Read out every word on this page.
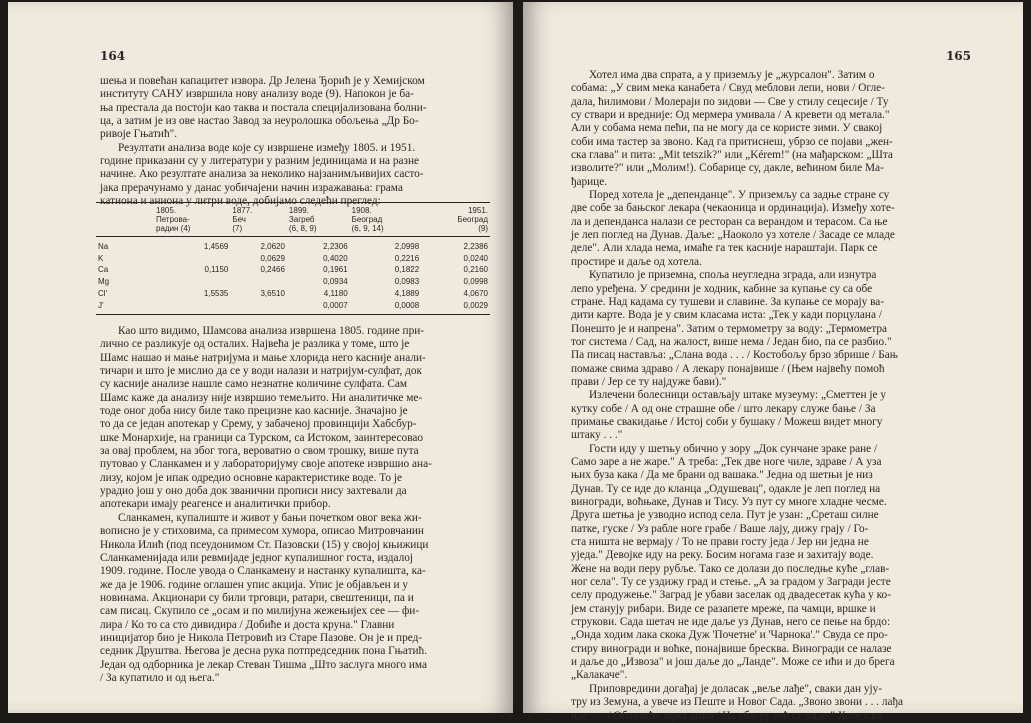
164

шења и повећан капацитет извора. Др Јелена Ђорић је у Хемијском
институту САНУ извршила нову анализу воде (9). Напокон је ба-
ња престала да постоји као таква и постала специјализована болни-
ца, а затим је из ове настао Завод за неуролошка обољења „Др Бо-
ривоје Гњатић".

Резултати анализа воде које су извршене између 1805. и 1951.
године приказани су у литератури у разним јединицама и на разне
начине. Ако резултате анализа за неколико најзанимљивијих састо-
јака прерачунамо у данас уобичајени начин изражавања: грама
катиона и аниона у литри воде, добијамо следећи преглед:

	1805.
Петрова-
радин (4)	1877.
Беч
(7)	1899.
Загреб
(6, 8, 9)	1908.
Београд
(6, 9, 14)	1951.
Београд
(9)
Na	1,4569	2,0620	2,2306	2,0998	2,2386
K		0,0629	0,4020	0,2216	0,0240
Ca	0,1150	0,2466	0,1961	0,1822	0,2160
Mg			0,0934	0,0983	0,0998
Cl'	1,5535	3,6510	4,1180	4,1889	4,0670
J'			0,0007	0,0008	0,0029

Као што видимо, Шамсова анализа извршена 1805. године при-
лично се разликује од осталих. Највећа је разлика у томе, што је
Шамс нашао и мање натријума и мање хлорида него касније анали-
тичари и што је мислио да се у води налази и натријум-сулфат, док
су касније анализе нашле само незнатне количине сулфата. Сам
Шамс каже да анализу није извршио темељито. Ни аналитичке ме-
тоде оног доба нису биле тако прецизне као касније. Значајно је
то да се један апотекар у Срему, у забаченој провинцији Хабсбур-
шке Монархије, на граници са Турском, са Истоком, заинтересовао
за овај проблем, на због тога, вероватно о свом трошку, више пута
путовао у Сланкамен и у лабораторијуму своје апотеке извршио ана-
лизу, којом је ипак одредио основне карактеристике воде. То је
урадио још у оно доба док званични прописи нису захтевали да
апотекари имају реагенсе и аналитички прибор.

Сланкамен, купалиште и живот у бањи почетком овог века жи-
вописно је у стиховима, са примесом хумора, описао Митровчанин
Никола Илић (под псеудонимом Ст. Пазовски (15) у својој књижици
Сланкаменијада или ревмијаде једног купалишног госта, издалој
1909. године. После увода о Сланкамену и настанку купалишта, ка-
же да је 1906. године оглашен упис акција. Упис је објављен и у
новинама. Акционари су били трговци, ратари, свештеници, па и
сам писац. Скупило се „осам и по милијуна жежењијех сее — фи-
лира / Ко то са сто дивидира / Добиће и доста круна." Главни
иницијатор био је Никола Петровић из Старе Пазове. Он је и пред-
седник Друштва. Његова је десна рука потпредседник пона Гњатић.
Један од одборника је лекар Стеван Тишма „Што заслуга много има
/ За купатило и од њега."

165

Хотел има два спрата, а у приземљу је „журсалон". Затим о
собама: „У свим мека канабета / Свуд меблови лепи, нови / Огле-
дала, ћилимови / Молераји по зидови — Све у стилу сецесије / Ту
су ствари и вредније: Од мермера умивала / А кревети од метала."
Али у собама нема пећи, па не могу да се користе зими. У свакој
соби има тастер за звоно. Кад га притиснеш, убрзо се појави „жен-
ска глава" и пита: „Mit tetszik?" или „Kérem!" (на мађарском: „Шта
изволите?" или „Молим!). Собарице су, дакле, већином биле Ма-
ђарице.

Поред хотела је „депенданце". У приземљу са задње стране су
две собе за бањског лекара (чекаоница и ординација). Између хоте-
ла и депенданса налази се ресторан са верандом и терасом. Са ње
је леп поглед на Дунав. Даље: „Наоколо уз хотеле / Засаде се младе
деле". Али хлада нема, имаће га тек касније нараштаји. Парк се
простире и даље од хотела.

Купатило је приземна, споља неугледна зграда, али изнутра
лепо уређена. У средини је ходник, кабине за купање су са обе
стране. Над кадама су тушеви и славине. За купање се морају ва-
дити карте. Вода је у свим класама иста: „Тек у кади порцулана /
Понешто је и напрена". Затим о термометру за воду: „Термометра
тог система / Сад, на жалост, више нема / Један био, па се разбио."
Па писац наставља: „Слана вода . . . / Костобољу брзо збрише / Бањ
помаже свима здраво / А лекару понајвише / (Њем највећу помоћ
прави / Јер се ту најдуже бави)."

Излечени болесници остављају штаке музеуму: „Сметтен је у
кутку собе / А од оне страшне обе / што лекару служе бање / За
примање свакидање / Истој соби у бушаку / Можеш видет многу
штаку . . ."

Гости иду у шетњу обично у зору „Док сунчане зраке ране /
Само заре а не жаре." А треба: „Тек две ноге чиле, здраве / А уза
њих буза кака / Да ме брани од вашака." Једна од шетњи је низ
Дунав. Ту се иде до кланца „Одушевац", одакле је леп поглед на
виногради, воћњаке, Дунав и Тису. Уз пут су многе хладне чесме.
Друга шетња је узводно испод села. Пут је узан: „Среташ силне
патке, гуске / Уз рабле ноге грабе / Ваше лају, дижу грају / Го-
ста ништа не вермају / То не прави госту једа / Јер ни једна не
уједа." Девојке иду на реку. Босим ногама газе и захитају воде.
Жене на води перу рубље. Тако се долази до последње куће „глав-
ног села". Ту се уздижу град и стење. „А за градом у Загради јесте
селу продужење." Заград је убави заселак од двадесетак кућа у ко-
јем станују рибари. Виде се разапете мреже, па чамци, вршке и
струкови. Сада шетач не иде даље уз Дунав, него се пење на брдо:
„Онда ходим лака скока Дуж 'Почетне' и 'Чарнока'." Свуда се про-
стиру виногради и воћке, понајвише бресква. Виногради се налазе
и даље до „Извоза" и још даље до „Ланде". Може се ићи и до брега
„Калакаче".

Приповредини догађај је доласак „веље лађе", сваки дан уjу-
тру из Земуна, а увече из Пеште и Новог Сада. „Звоно звони . . . лађа
иде . . . / Облачићи мрка дима / На обзору већ се виде." Хотелски
